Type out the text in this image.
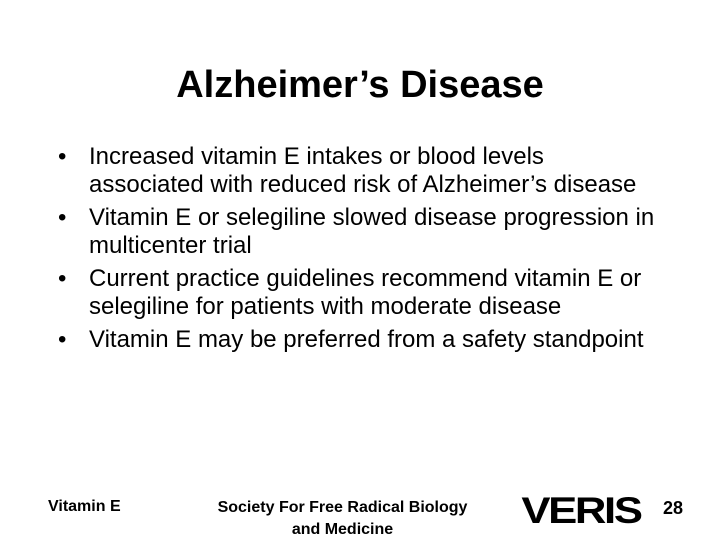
Alzheimer’s Disease
• Increased vitamin E intakes or blood levels associated with reduced risk of Alzheimer’s disease
• Vitamin E or selegiline slowed disease progression in multicenter trial
• Current practice guidelines recommend vitamin E or selegiline for patients with moderate disease
• Vitamin E may be preferred from a safety standpoint
Vitamin E	Society For Free Radical Biology
and Medicine	VERIS 28
